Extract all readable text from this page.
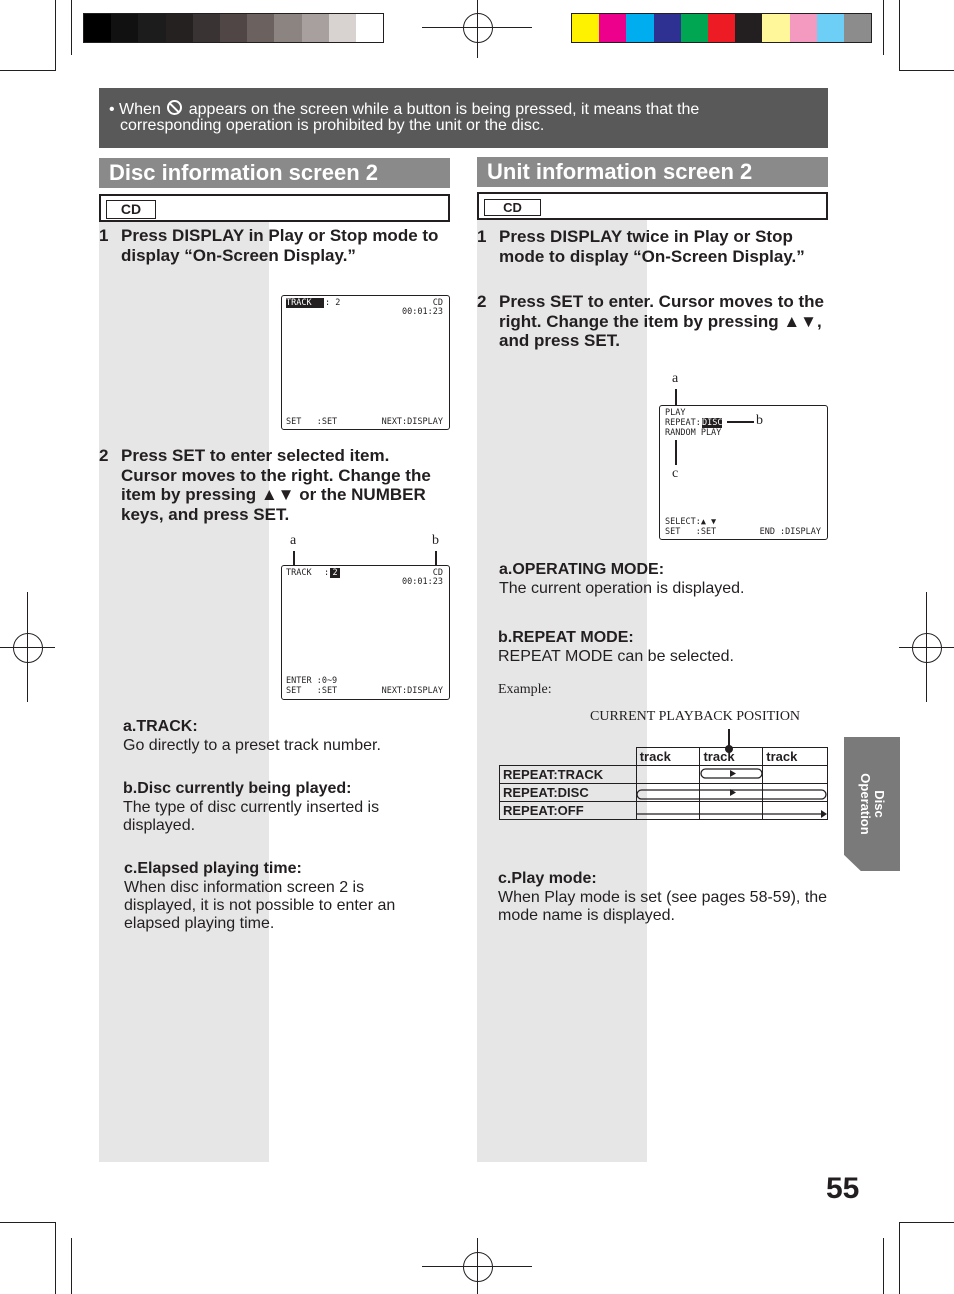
• When appears on the screen while a button is being pressed, it means that the
corresponding operation is prohibited by the unit or the disc.
Disc information screen 2
CD
1 Press DISPLAY in Play or Stop mode to display “On-Screen Display.”
TRACK	: 2	CD
00:01:23
SET   :SET	NEXT:DISPLAY
2 Press SET to enter selected item. Cursor moves to the right. Change the item by pressing ▲▼ or the NUMBER keys, and press SET.
a	b
TRACK : 2	CD
00:01:23
ENTER :0~9
SET   :SET	NEXT:DISPLAY
a.TRACK:
Go directly to a preset track number.
b.Disc currently being played:
The type of disc currently inserted is displayed.
c.Elapsed playing time:
When disc information screen 2 is displayed, it is not possible to enter an elapsed playing time.
Unit information screen 2
CD
1 Press DISPLAY twice in Play or Stop mode to display “On-Screen Display.”
2 Press SET to enter. Cursor moves to the right. Change the item by pressing ▲▼, and press SET.
a
PLAY
REPEAT: DISC
RANDOM PLAY
SELECT:▲ ▼
SET   :SET	END :DISPLAY
b
c
a.OPERATING MODE:
The current operation is displayed.
b.REPEAT MODE:
REPEAT MODE can be selected.
Example:
CURRENT PLAYBACK POSITION
	track	track	track
REPEAT:TRACK			
REPEAT:DISC			
REPEAT:OFF			
c.Play mode:
When Play mode is set (see pages 58-59), the mode name is displayed.
Disc
Operation
55
